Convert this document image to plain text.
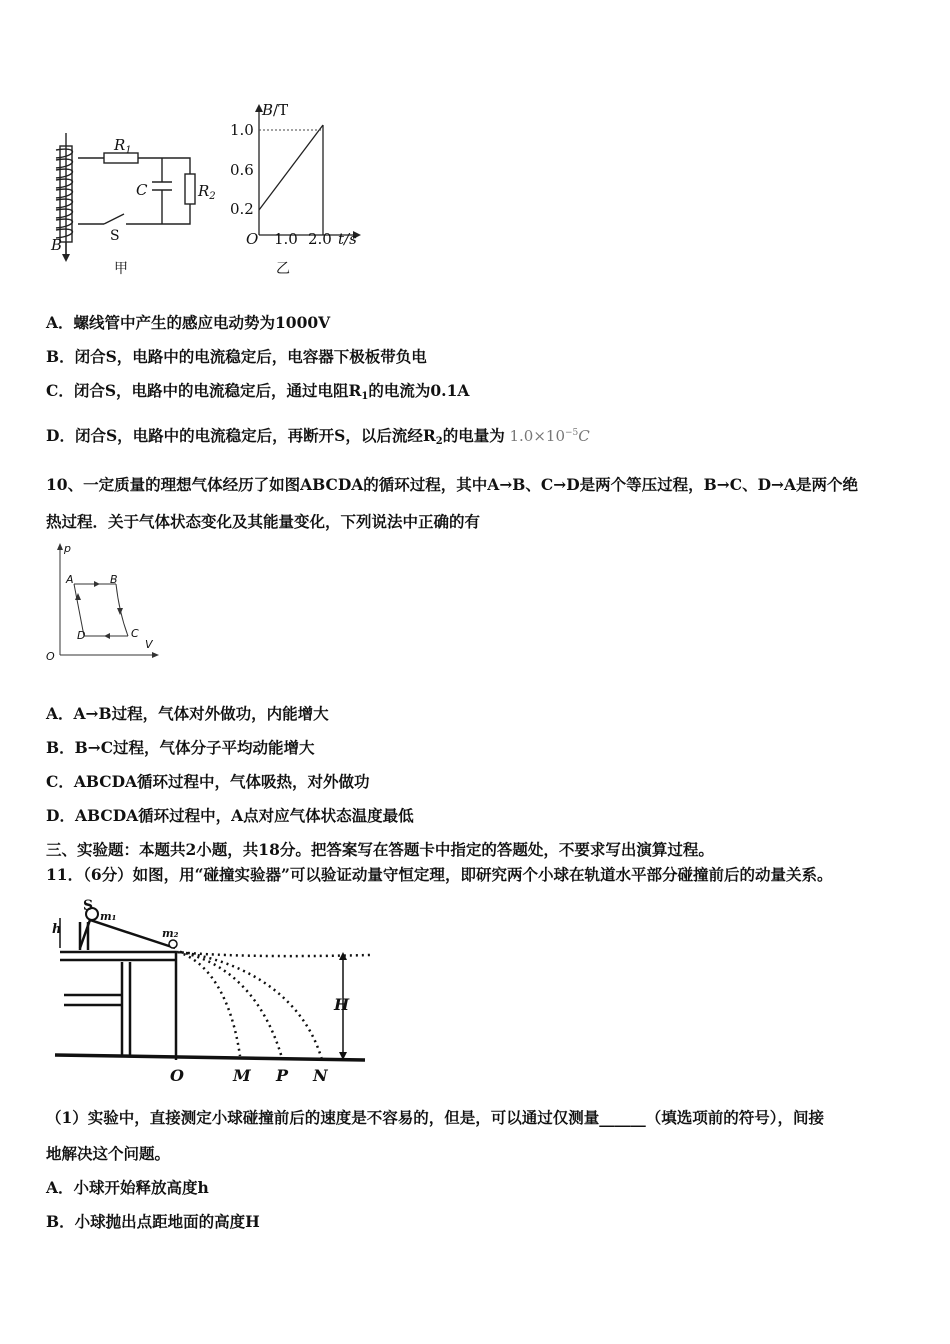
$R_1$
C	$R_2$
S
B
甲
B/T
1.0
0.6
0.2
O 1.0 2.0 t/s
乙
A．螺线管中产生的感应电动势为1000V
B．闭合S，电路中的电流稳定后，电容器下极板带负电
C．闭合S，电路中的电流稳定后，通过电阻$R_1$的电流为0.1A
D．闭合S，电路中的电流稳定后，再断开S，以后流经$R_2$的电量为 $1.0\times 10^{-5}C$
10、一定质量的理想气体经历了如图ABCDA的循环过程，其中A→B、C→D是两个等压过程，B→C、D→A是两个绝
热过程．关于气体状态变化及其能量变化，下列说法中正确的有
p
A	B
D	C
V
O
A．A→B过程，气体对外做功，内能增大
B．B→C过程，气体分子平均动能增大
C．ABCDA循环过程中，气体吸热，对外做功
D．ABCDA循环过程中，A点对应气体状态温度最低
三、实验题：本题共2小题，共18分。把答案写在答题卡中指定的答题处，不要求写出演算过程。
11．（6分）如图，用“碰撞实验器”可以验证动量守恒定理，即研究两个小球在轨道水平部分碰撞前后的动量关系。
S
m₁
m₂
h
H
O	M P N
（1）实验中，直接测定小球碰撞前后的速度是不容易的，但是，可以通过仅测量______（填选项前的符号），间接
地解决这个问题。
A．小球开始释放高度h
B．小球抛出点距地面的高度H
